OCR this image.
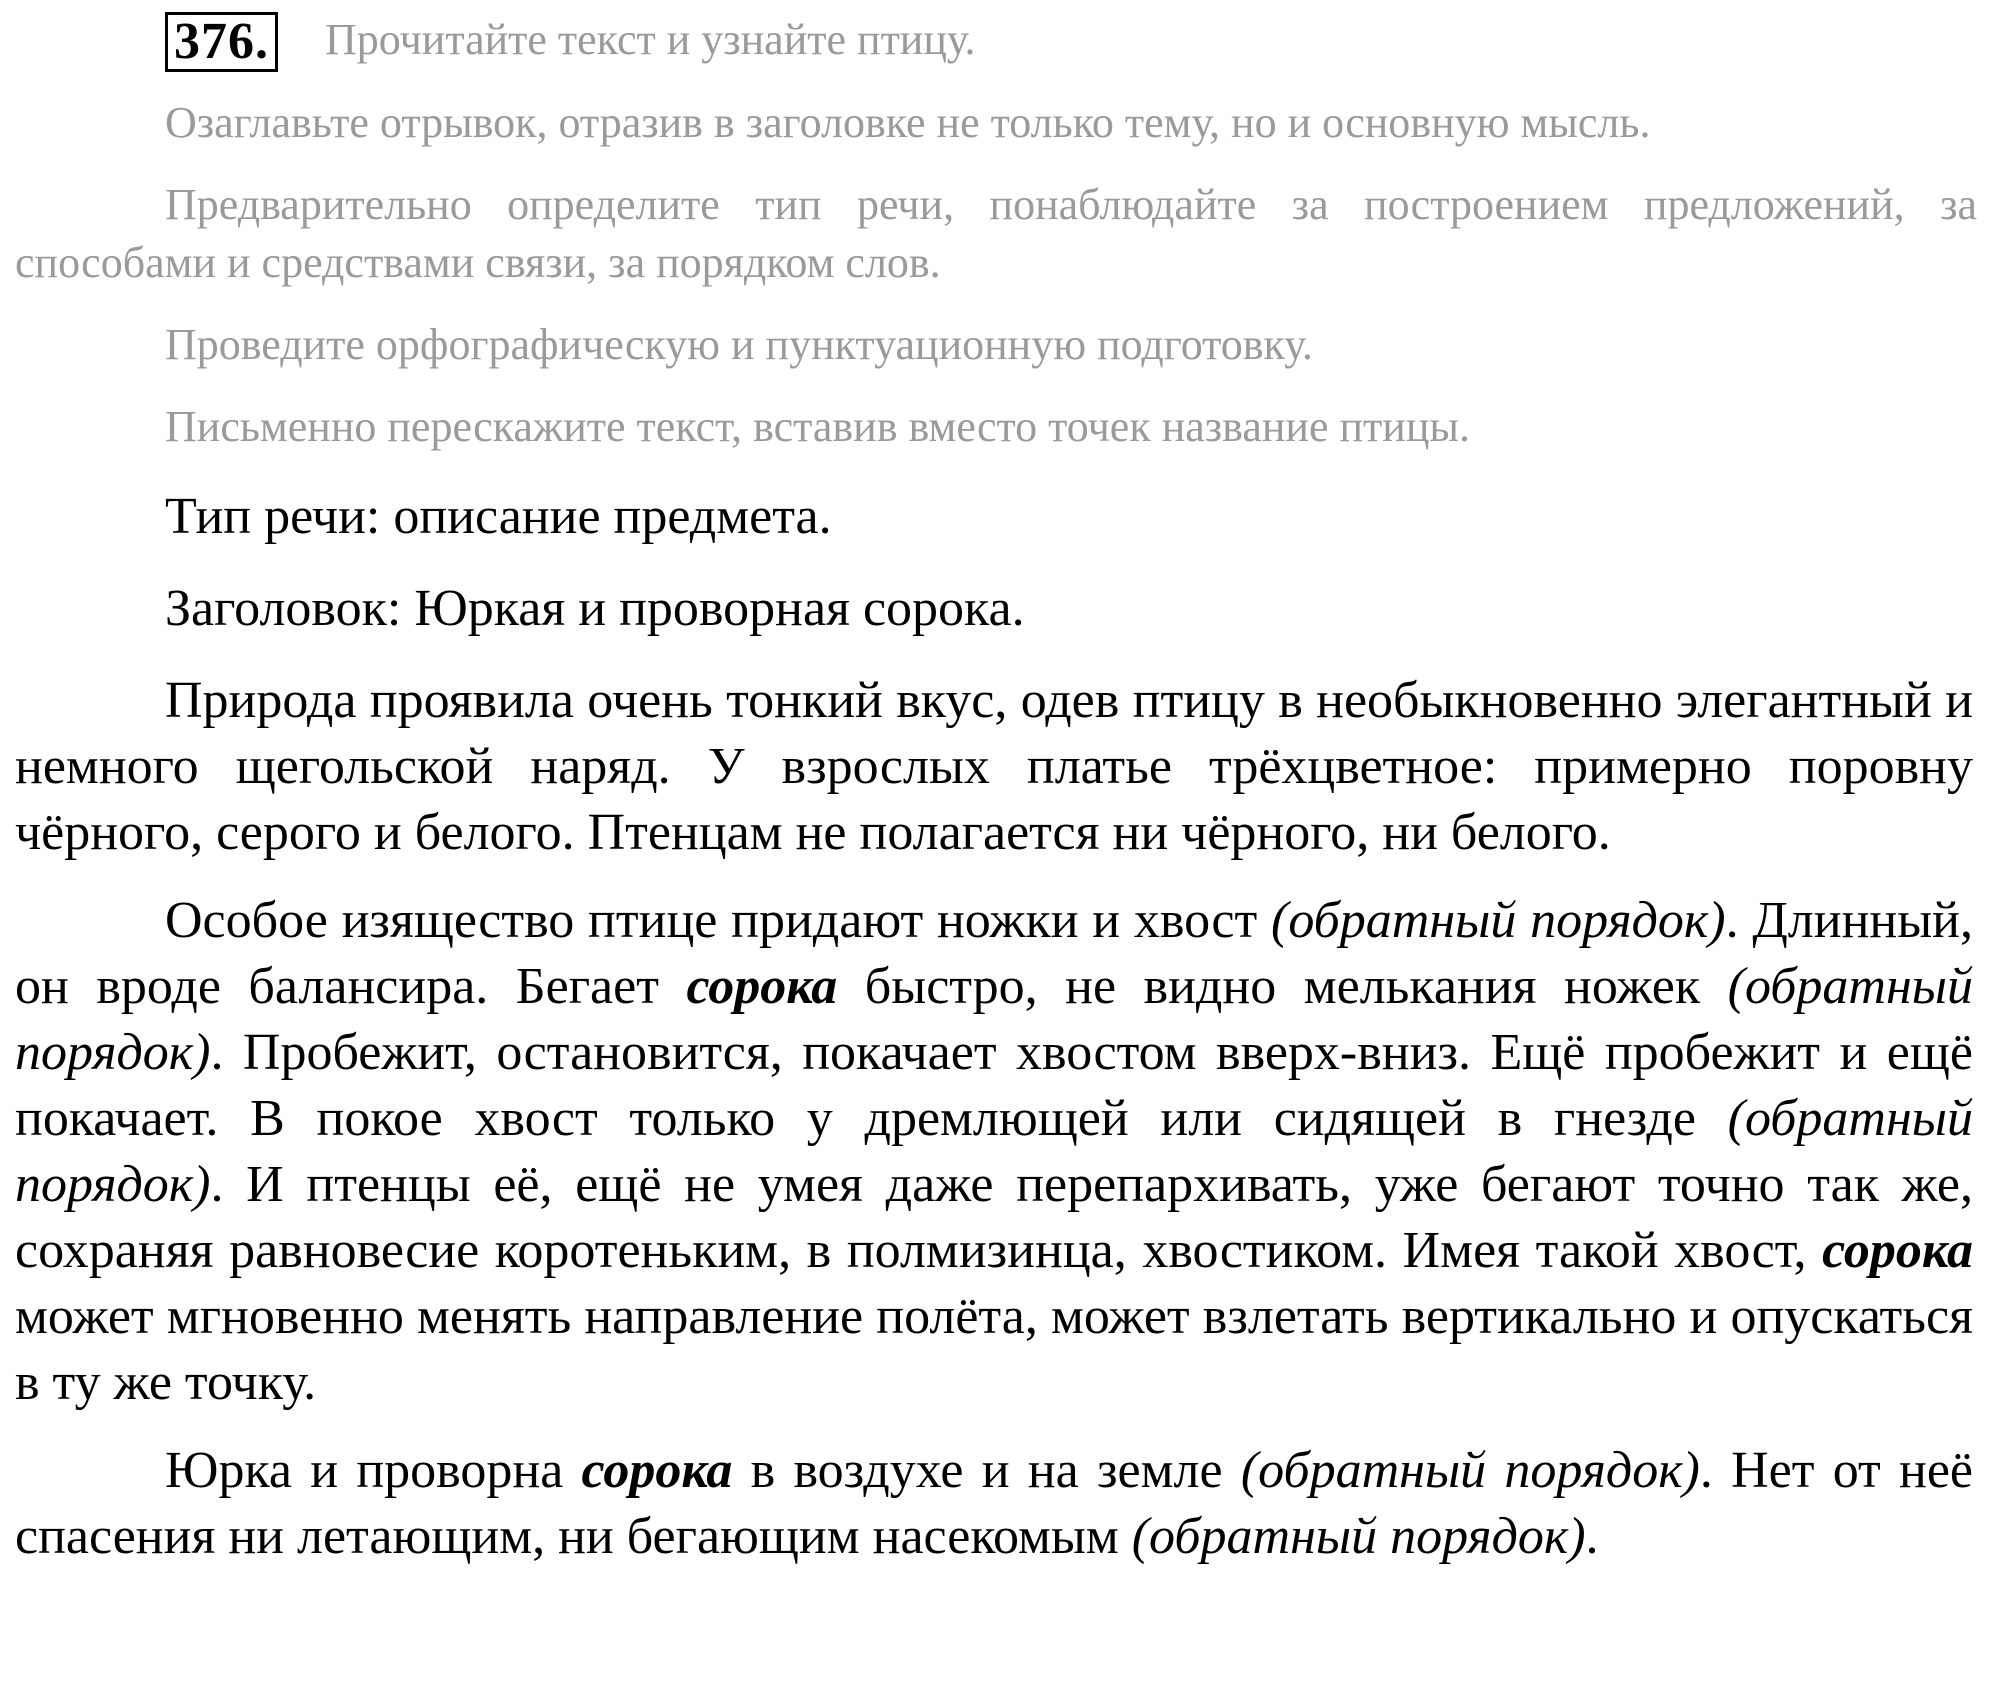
376. Прочитайте текст и узнайте птицу.

Озаглавьте отрывок, отразив в заголовке не только тему, но и основную мысль.

Предварительно определите тип речи, понаблюдайте за построением предложений, за способами и средствами связи, за порядком слов.

Проведите орфографическую и пунктуационную подготовку.

Письменно перескажите текст, вставив вместо точек название птицы.

Тип речи: описание предмета.

Заголовок: Юркая и проворная сорока.

Природа проявила очень тонкий вкус, одев птицу в необыкновенно элегантный и немного щегольской наряд. У взрослых платье трёхцветное: примерно поровну чёрного, серого и белого. Птенцам не полагается ни чёрного, ни белого.

Особое изящество птице придают ножки и хвост (обратный порядок). Длинный, он вроде балансира. Бегает сорока быстро, не видно мелькания ножек (обратный порядок). Пробежит, остановится, покачает хвостом вверх-вниз. Ещё пробежит и ещё покачает. В покое хвост только у дремлющей или сидящей в гнезде (обратный порядок). И птенцы её, ещё не умея даже перепархивать, уже бегают точно так же, сохраняя равновесие коротеньким, в полмизинца, хвостиком. Имея такой хвост, сорока может мгновенно менять направление полёта, может взлетать вертикально и опускаться в ту же точку.

Юрка и проворна сорока в воздухе и на земле (обратный порядок). Нет от неё спасения ни летающим, ни бегающим насекомым (обратный порядок).
